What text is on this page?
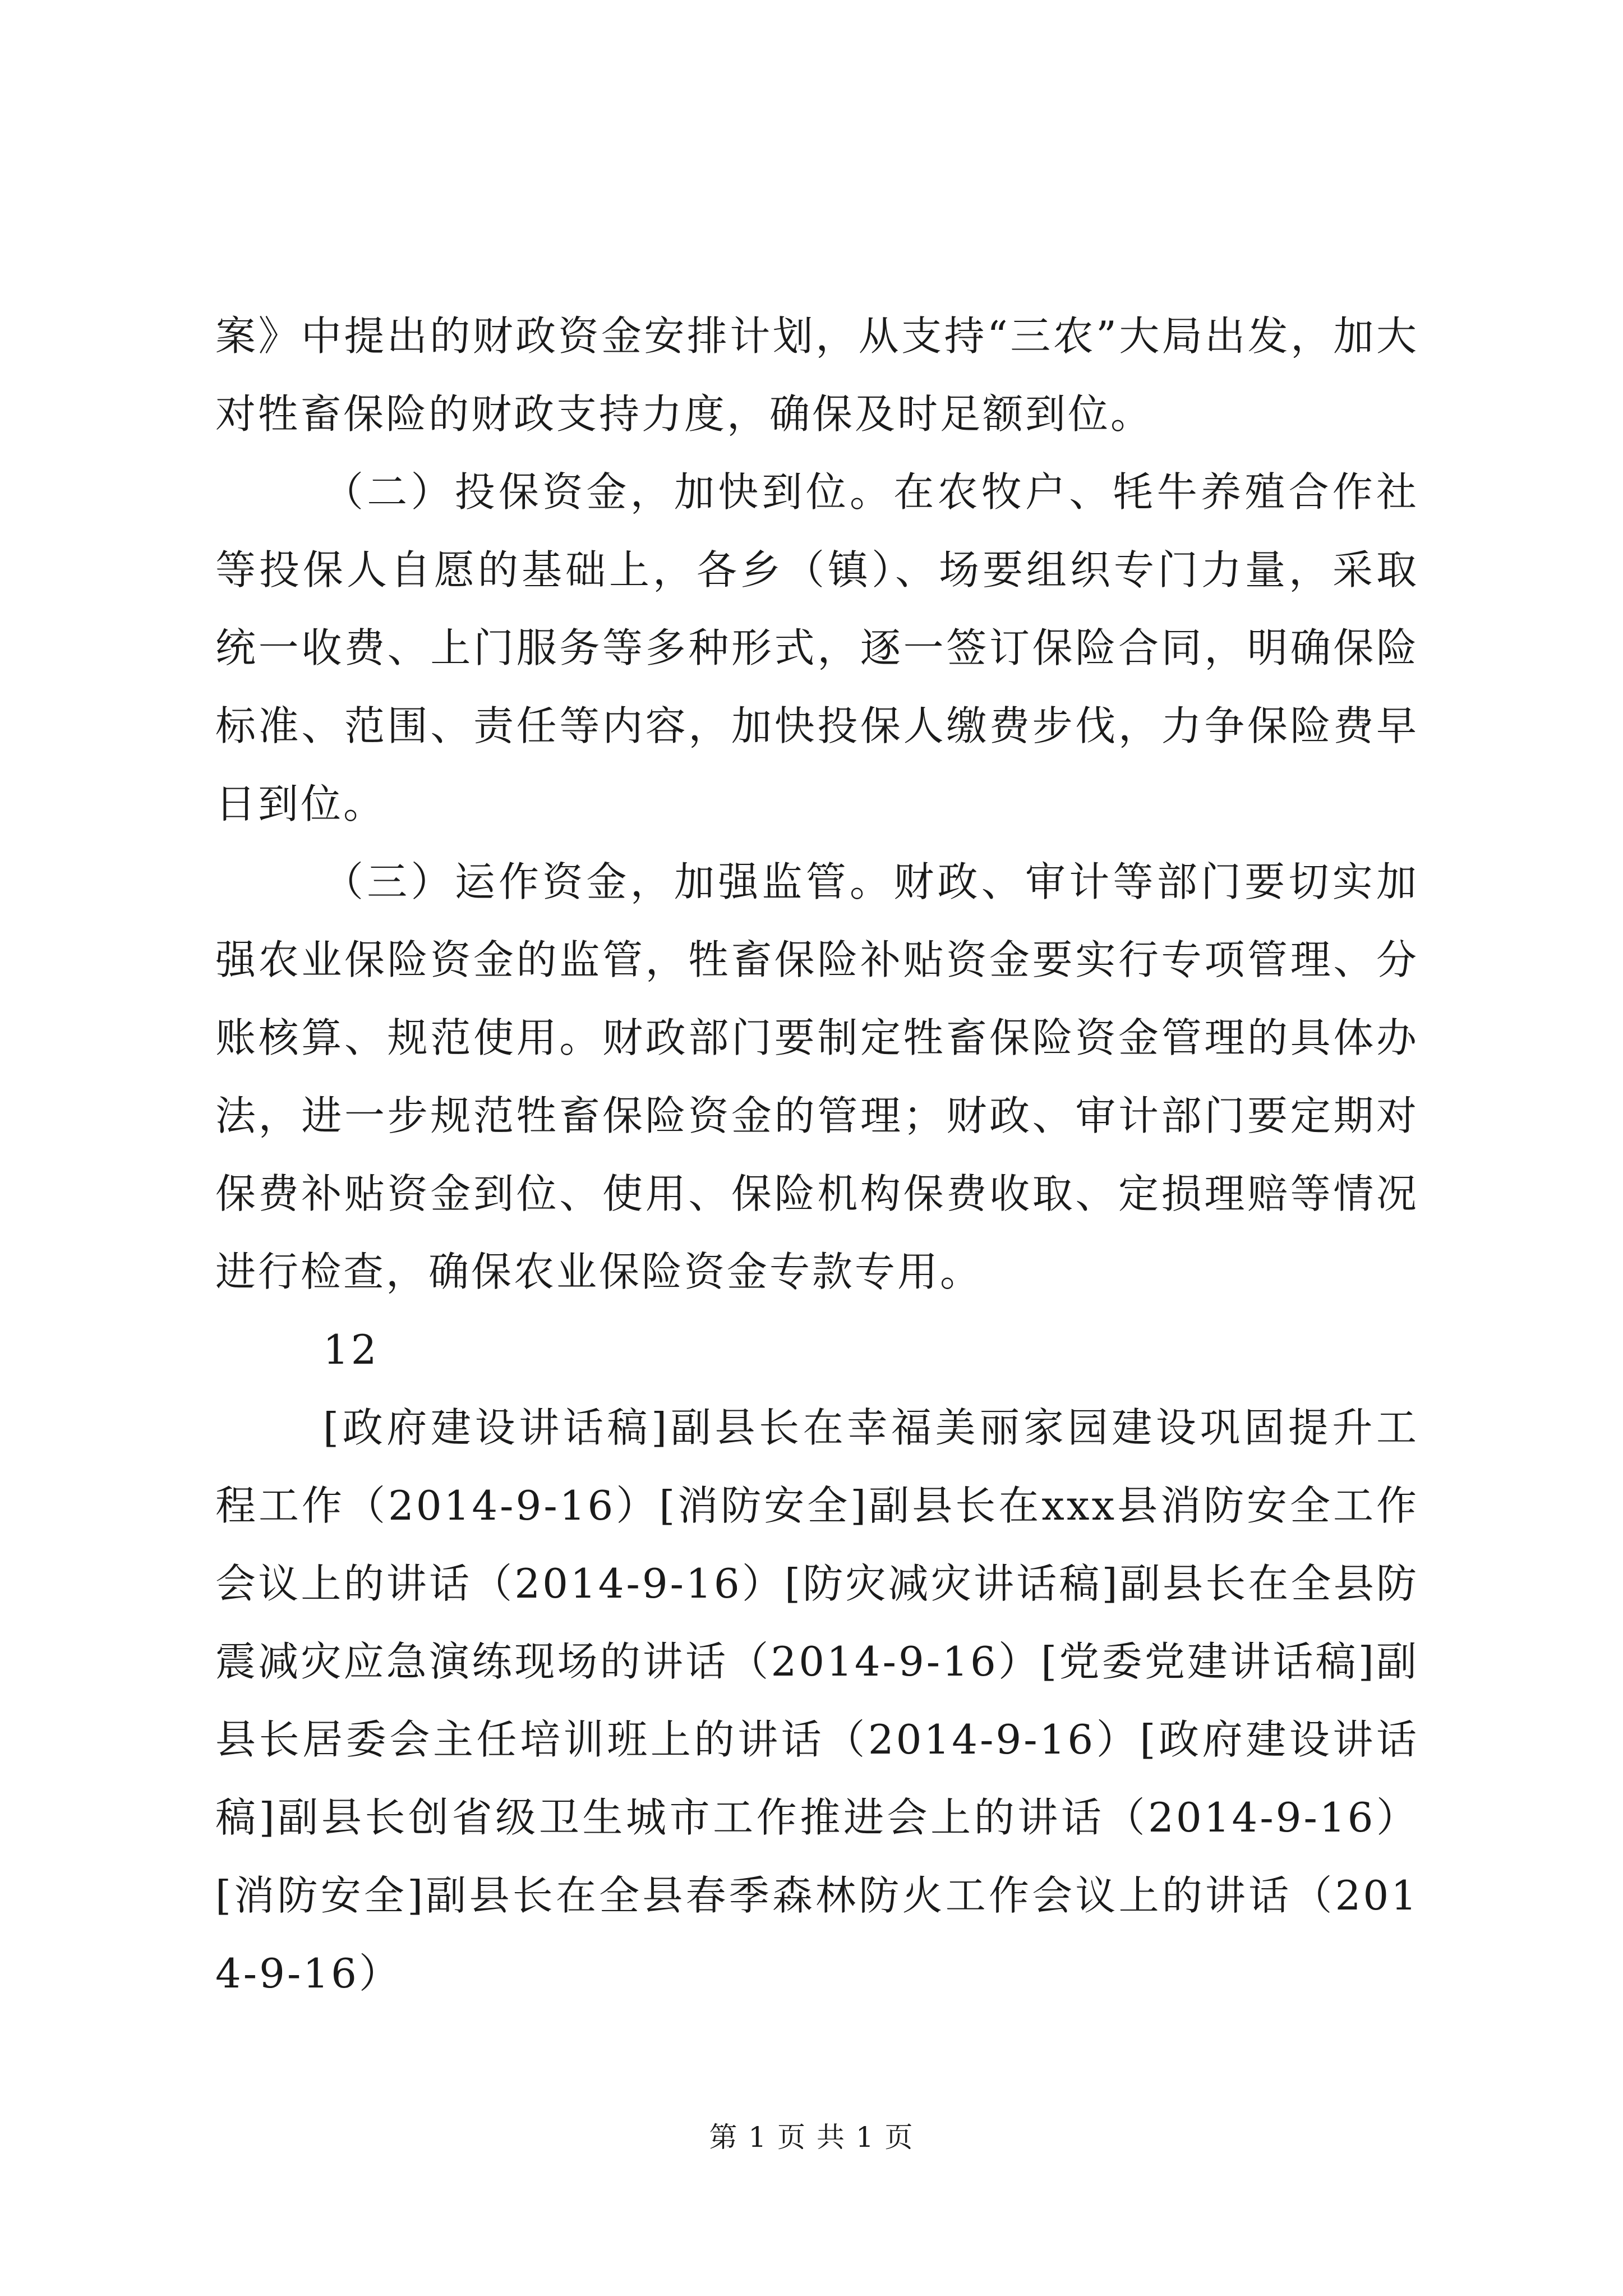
案》中提出的财政资金安排计划，从支持“三农”大局出发，加大对牲畜保险的财政支持力度，确保及时足额到位。

（二）投保资金，加快到位。在农牧户、牦牛养殖合作社等投保人自愿的基础上，各乡（镇）、场要组织专门力量，采取统一收费、上门服务等多种形式，逐一签订保险合同，明确保险标准、范围、责任等内容，加快投保人缴费步伐，力争保险费早日到位。

（三）运作资金，加强监管。财政、审计等部门要切实加强农业保险资金的监管，牲畜保险补贴资金要实行专项管理、分账核算、规范使用。财政部门要制定牲畜保险资金管理的具体办法，进一步规范牲畜保险资金的管理；财政、审计部门要定期对保费补贴资金到位、使用、保险机构保费收取、定损理赔等情况进行检查，确保农业保险资金专款专用。

12

[政府建设讲话稿]副县长在幸福美丽家园建设巩固提升工程工作（2014-9-16）[消防安全]副县长在xxx县消防安全工作会议上的讲话（2014-9-16）[防灾减灾讲话稿]副县长在全县防震减灾应急演练现场的讲话（2014-9-16）[党委党建讲话稿]副县长居委会主任培训班上的讲话（2014-9-16）[政府建设讲话稿]副县长创省级卫生城市工作推进会上的讲话（2014-9-16）[消防安全]副县长在全县春季森林防火工作会议上的讲话（2014-9-16）

第 1 页 共 1 页
